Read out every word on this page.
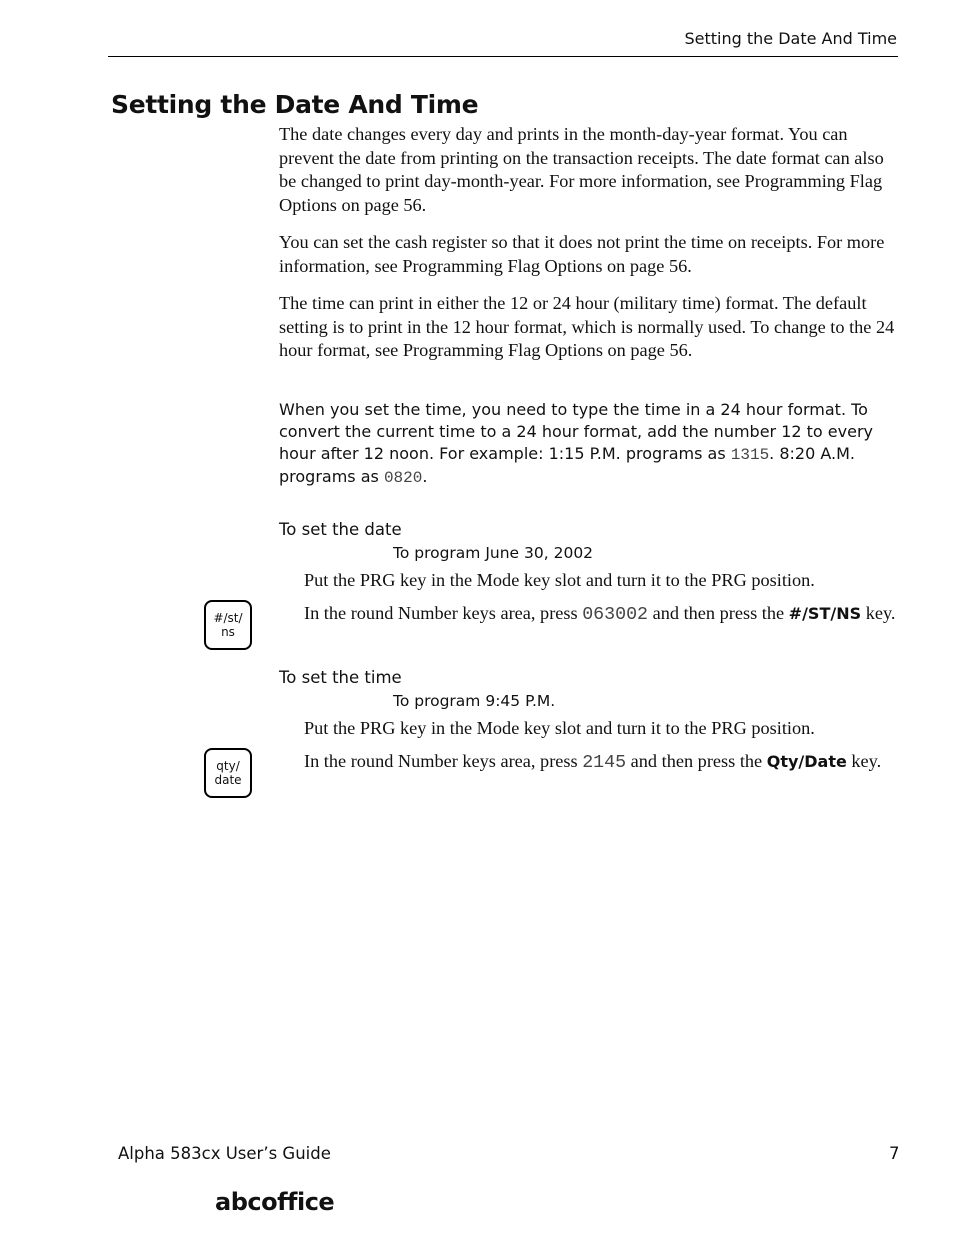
Setting the Date And Time
Setting the Date And Time

The date changes every day and prints in the month-day-year format. You can prevent the date from printing on the transaction receipts. The date format can also be changed to print day-month-year. For more information, see Programming Flag Options on page 56.

You can set the cash register so that it does not print the time on receipts. For more information, see Programming Flag Options on page 56.

The time can print in either the 12 or 24 hour (military time) format. The default setting is to print in the 12 hour format, which is normally used. To change to the 24 hour format, see Programming Flag Options on page 56.

When you set the time, you need to type the time in a 24 hour format. To convert the current time to a 24 hour format, add the number 12 to every hour after 12 noon. For example: 1:15 P.M. programs as 1315. 8:20 A.M. programs as 0820.

To set the date
To program June 30, 2002

Put the PRG key in the Mode key slot and turn it to the PRG position.

#/st/
ns

In the round Number keys area, press 063002 and then press the #/ST/NS key.

To set the time
To program 9:45 P.M.

Put the PRG key in the Mode key slot and turn it to the PRG position.

qty/
date

In the round Number keys area, press 2145 and then press the Qty/Date key.

Alpha 583cx User’s Guide	7
abcoffice
